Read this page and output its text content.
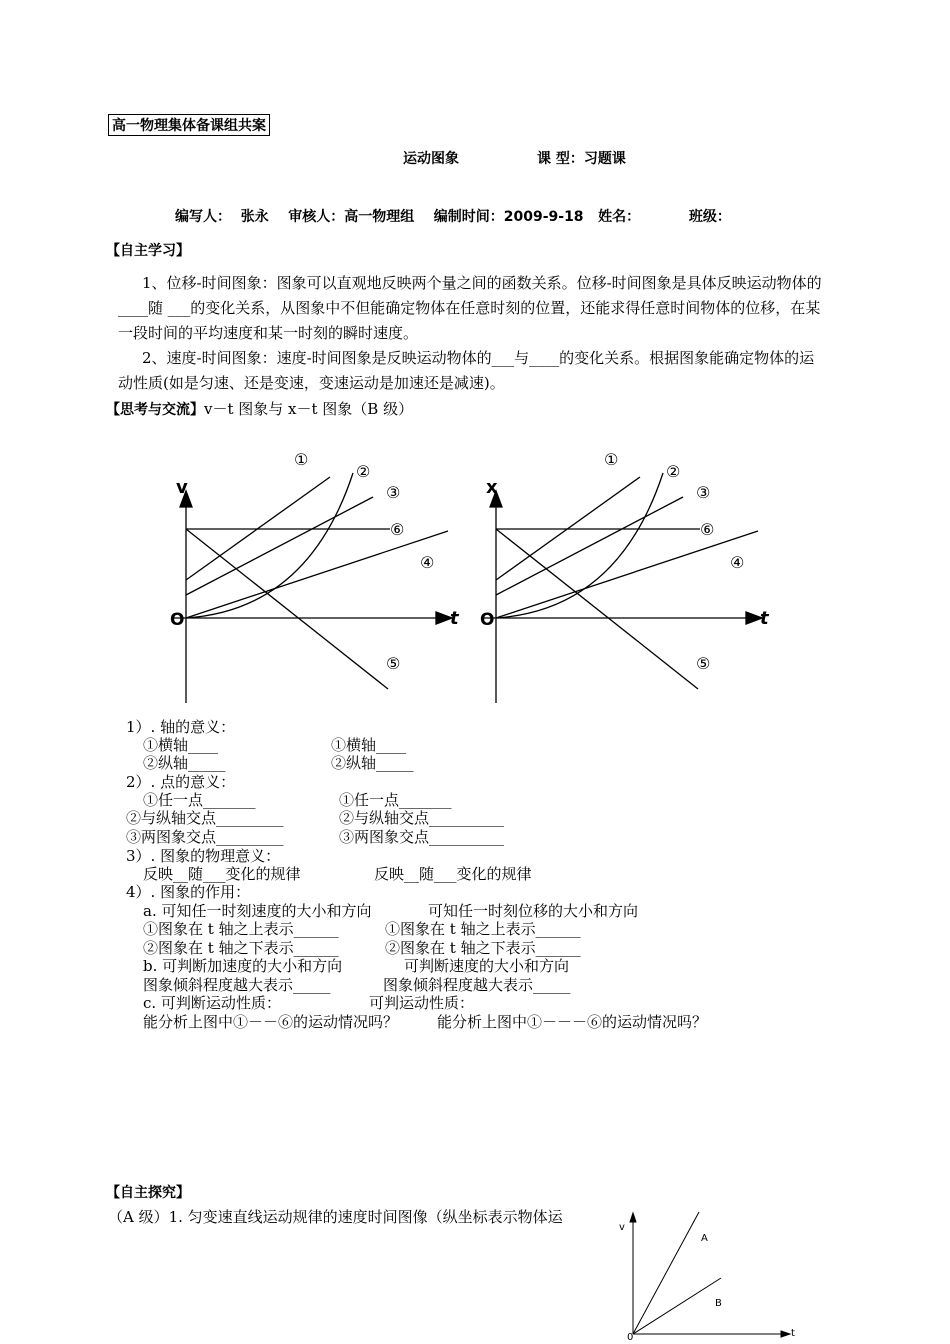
高一物理集体备课组共案
运动图象	课 型：习题课
编写人：  张永    审核人：高一物理组    编制时间：2009-9-18   姓名：          班级：
【自主学习】
1、位移-时间图象：图象可以直观地反映两个量之间的函数关系。位移-时间图象是具体反映运动物体的____随 ___的变化关系，从图象中不但能确定物体在任意时刻的位置，还能求得任意时间物体的位移，在某一段时间的平均速度和某一时刻的瞬时速度。
2、速度-时间图象：速度-时间图象是反映运动物体的___与____的变化关系。根据图象能确定物体的运动性质(如是匀速、还是变速，变速运动是加速还是减速)。
【思考与交流】v－t 图象与 x－t 图象（B 级）
v
t
O
①
②
③
④
⑤
⑥
x
t
O
①
②
③
④
⑤
⑥
1）. 轴的意义：
①横轴____	①横轴____
②纵轴_____	②纵轴_____
2）. 点的意义：
①任一点_______	①任一点_______
②与纵轴交点_________	②与纵轴交点__________
③两图象交点_________	③两图象交点__________
3）. 图象的物理意义：
反映__随___变化的规律	反映__随___变化的规律
4）. 图象的作用：
a. 可知任一时刻速度的大小和方向	可知任一时刻位移的大小和方向
①图象在 t 轴之上表示______	①图象在 t 轴之上表示______
②图象在 t 轴之下表示______	②图象在 t 轴之下表示______
b. 可判断加速度的大小和方向	可判断速度的大小和方向
图象倾斜程度越大表示_____	图象倾斜程度越大表示_____
c. 可判断运动性质：	可判运动性质：
能分析上图中①－－⑥的运动情况吗？	能分析上图中①－－－⑥的运动情况吗？
【自主探究】
（A 级）1. 匀变速直线运动规律的速度时间图像（纵坐标表示物体运
v
t
0
A
B
